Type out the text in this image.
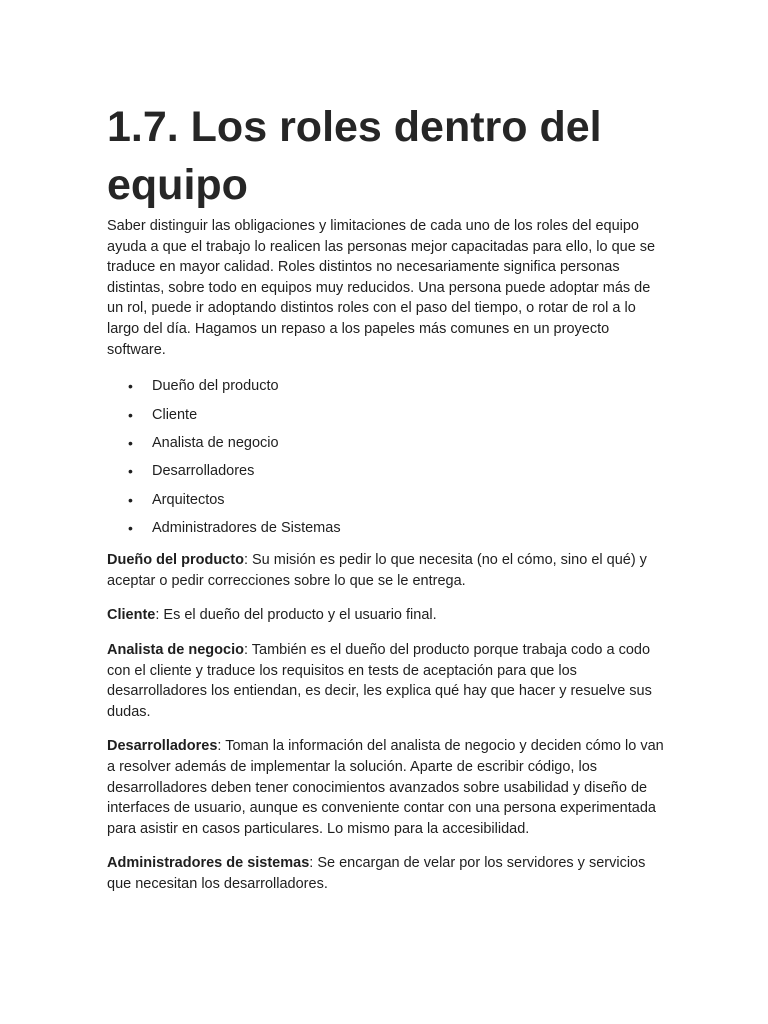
1.7. Los roles dentro del equipo

Saber distinguir las obligaciones y limitaciones de cada uno de los roles del equipo ayuda a que el trabajo lo realicen las personas mejor capacitadas para ello, lo que se traduce en mayor calidad. Roles distintos no necesariamente significa personas distintas, sobre todo en equipos muy reducidos. Una persona puede adoptar más de un rol, puede ir adoptando distintos roles con el paso del tiempo, o rotar de rol a lo largo del día. Hagamos un repaso a los papeles más comunes en un proyecto software.

• Dueño del producto
• Cliente
• Analista de negocio
• Desarrolladores
• Arquitectos
• Administradores de Sistemas

Dueño del producto: Su misión es pedir lo que necesita (no el cómo, sino el qué) y aceptar o pedir correcciones sobre lo que se le entrega.

Cliente: Es el dueño del producto y el usuario final.

Analista de negocio: También es el dueño del producto porque trabaja codo a codo con el cliente y traduce los requisitos en tests de aceptación para que los desarrolladores los entiendan, es decir, les explica qué hay que hacer y resuelve sus dudas.

Desarrolladores: Toman la información del analista de negocio y deciden cómo lo van a resolver además de implementar la solución. Aparte de escribir código, los desarrolladores deben tener conocimientos avanzados sobre usabilidad y diseño de interfaces de usuario, aunque es conveniente contar con una persona experimentada para asistir en casos particulares. Lo mismo para la accesibilidad.

Administradores de sistemas: Se encargan de velar por los servidores y servicios que necesitan los desarrolladores.
